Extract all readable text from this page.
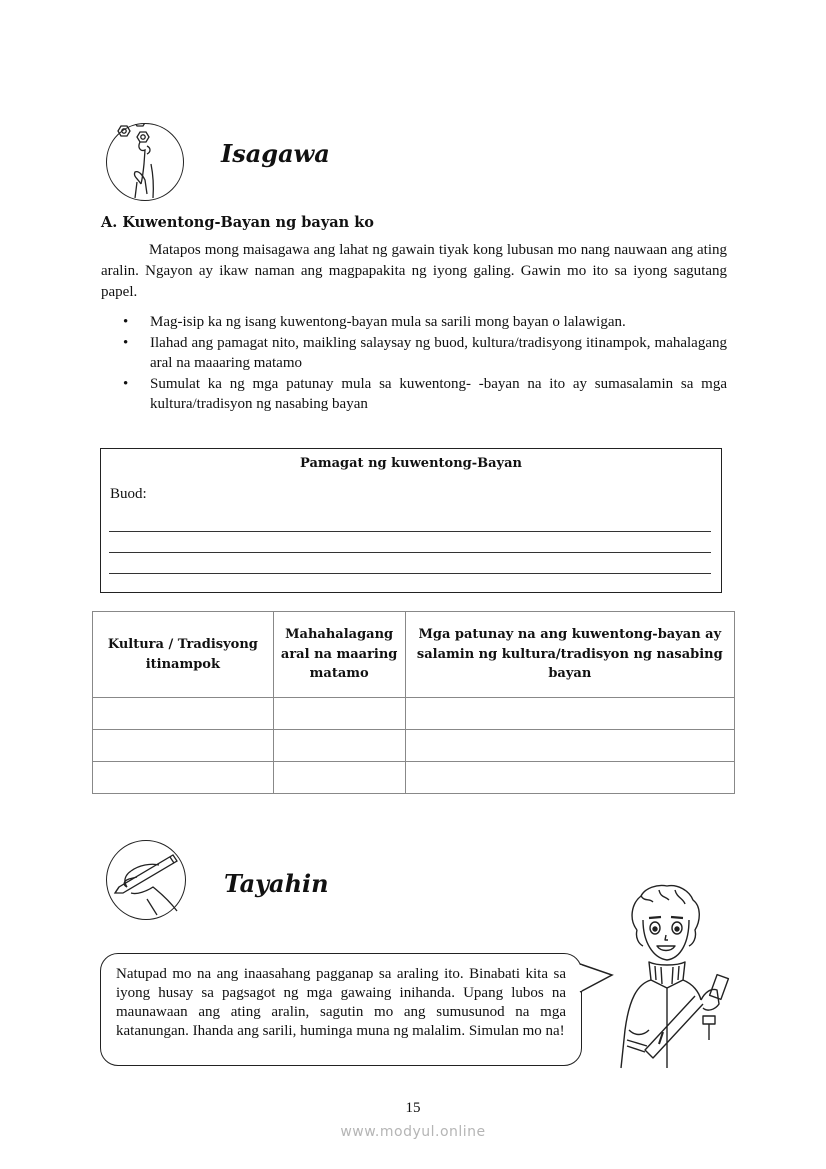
Isagawa
A. Kuwentong-Bayan ng bayan ko
Matapos mong maisagawa ang lahat ng gawain tiyak kong lubusan mo nang nauwaan ang ating aralin. Ngayon ay ikaw naman ang magpapakita ng iyong galing. Gawin mo ito sa iyong sagutang papel.
• Mag-isip ka ng isang kuwentong-bayan mula sa sarili mong bayan o lalawigan.
• Ilahad ang pamagat nito, maikling salaysay ng buod, kultura/tradisyong itinampok, mahalagang aral na maaaring matamo
• Sumulat ka ng mga patunay mula sa kuwentong- -bayan na ito ay sumasalamin sa mga kultura/tradisyon ng nasabing bayan
Pamagat ng kuwentong-Bayan
Buod:
Kultura / Tradisyong itinampok	Mahahalagang aral na maaring matamo	Mga patunay na ang kuwentong-bayan ay salamin ng kultura/tradisyon ng nasabing bayan

Tayahin
Natupad mo na ang inaasahang pagganap sa araling ito. Binabati kita sa iyong husay sa pagsagot ng mga gawaing inihanda. Upang lubos na maunawaan ang ating aralin, sagutin mo ang sumusunod na mga katanungan. Ihanda ang sarili, huminga muna ng malalim. Simulan mo na!
15
www.modyul.online
